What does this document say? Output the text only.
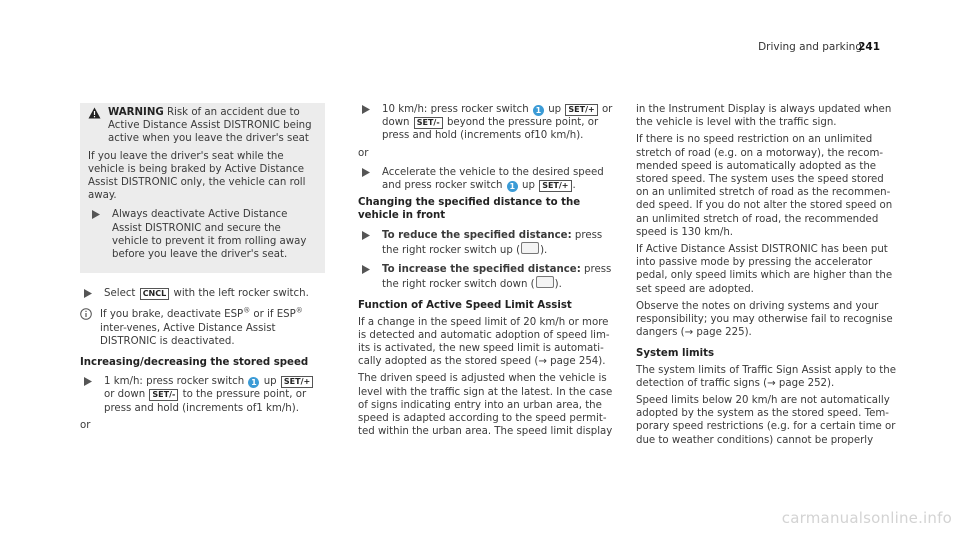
Driving and parking
241
WARNING Risk of an accident due to Active Distance Assist DISTRONIC being active when you leave the driver's seat

If you leave the driver's seat while the vehicle is being braked by Active Distance Assist DISTRONIC only, the vehicle can roll away.

Always deactivate Active Distance Assist DISTRONIC and secure the vehicle to prevent it from rolling away before you leave the driver's seat.
Select CNCL with the left rocker switch.
If you brake, deactivate ESP® or if ESP® inter-venes, Active Distance Assist DISTRONIC is deactivated.
Increasing/decreasing the stored speed
1 km/h: press rocker switch 1 up SET/+ or down SET/- to the pressure point, or press and hold (increments of1 km/h).

or

10 km/h: press rocker switch 1 up SET/+ or down SET/- beyond the pressure point, or press and hold (increments of10 km/h).

or

Accelerate the vehicle to the desired speed and press rocker switch 1 up SET/+ .
Changing the specified distance to the vehicle in front
To reduce the specified distance: press the right rocker switch up ( ).
To increase the specified distance: press the right rocker switch down ( ).
Function of Active Speed Limit Assist

If a change in the speed limit of 20 km/h or more is detected and automatic adoption of speed lim-its is activated, the new speed limit is automati-cally adopted as the stored speed (→ page 254).

The driven speed is adjusted when the vehicle is level with the traffic sign at the latest. In the case of signs indicating entry into an urban area, the speed is adapted according to the speed permit-ted within the urban area. The speed limit display

in the Instrument Display is always updated when the vehicle is level with the traffic sign.

If there is no speed restriction on an unlimited stretch of road (e.g. on a motorway), the recom-mended speed is automatically adopted as the stored speed. The system uses the speed stored on an unlimited stretch of road as the recommen-ded speed. If you do not alter the stored speed on an unlimited stretch of road, the recommended speed is 130 km/h.

If Active Distance Assist DISTRONIC has been put into passive mode by pressing the accelerator pedal, only speed limits which are higher than the set speed are adopted.

Observe the notes on driving systems and your responsibility; you may otherwise fail to recognise dangers (→ page 225).

System limits

The system limits of Traffic Sign Assist apply to the detection of traffic signs (→ page 252).

Speed limits below 20 km/h are not automatically adopted by the system as the stored speed. Tem-porary speed restrictions (e.g. for a certain time or due to weather conditions) cannot be properly

carmanualsonline.info
